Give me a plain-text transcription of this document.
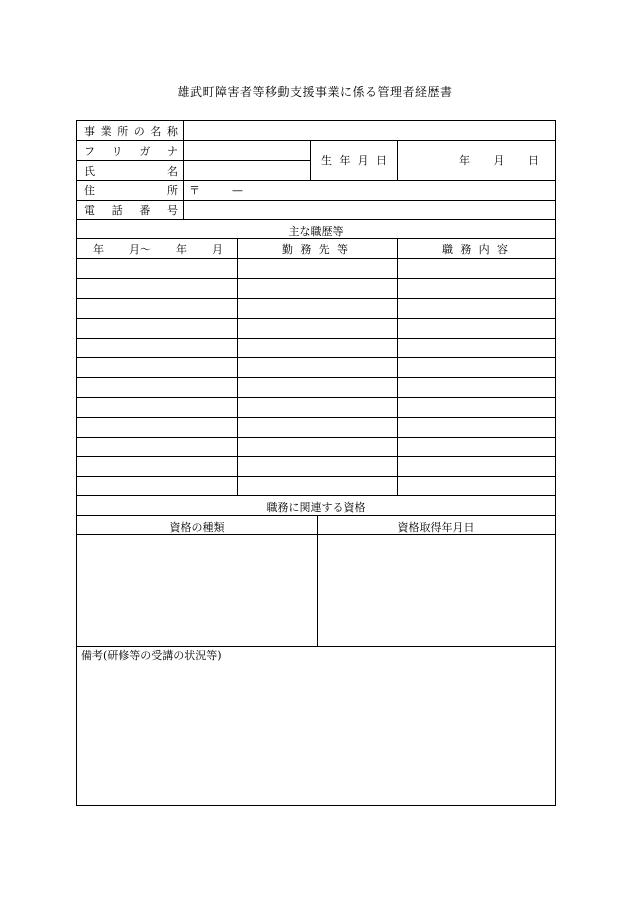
雄武町障害者等移動支援事業に係る管理者経歴書
事 業 所 の 名 称
フ リ ガ ナ
氏	名
生 年 月 日	年 月 日
住	所 〒	—
電 話 番 号
主な職歴等
年 月〜 年 月	勤 務 先 等	職 務 内 容
職務に関連する資格
資格の種類	資格取得年月日
備考(研修等の受講の状況等)
